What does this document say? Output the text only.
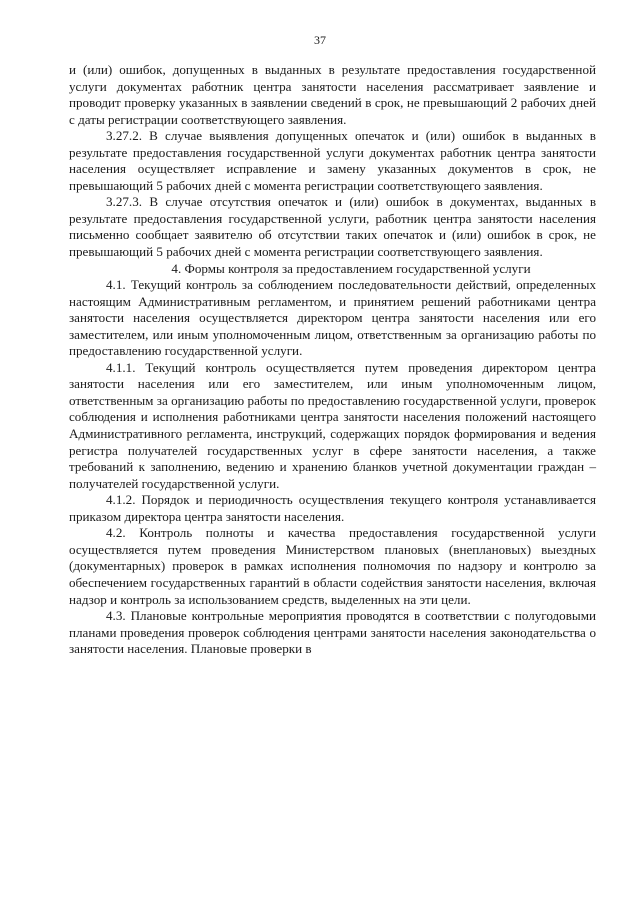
37

и (или) ошибок, допущенных в выданных в результате предоставления государственной услуги документах работник центра занятости населения рассматривает заявление и проводит проверку указанных в заявлении сведений в срок, не превышающий 2 рабочих дней с даты регистрации соответствующего заявления.

3.27.2. В случае выявления допущенных опечаток и (или) ошибок в выданных в результате предоставления государственной услуги документах работник центра занятости населения осуществляет исправление и замену указанных документов в срок, не превышающий 5 рабочих дней с момента регистрации соответствующего заявления.

3.27.3. В случае отсутствия опечаток и (или) ошибок в документах, выданных в результате предоставления государственной услуги, работник центра занятости населения письменно сообщает заявителю об отсутствии таких опечаток и (или) ошибок в срок, не превышающий 5 рабочих дней с момента регистрации соответствующего заявления.

4. Формы контроля за предоставлением государственной услуги

4.1. Текущий контроль за соблюдением последовательности действий, определенных настоящим Административным регламентом, и принятием решений работниками центра занятости населения осуществляется директором центра занятости населения или его заместителем, или иным уполномоченным лицом, ответственным за организацию работы по предоставлению государственной услуги.

4.1.1. Текущий контроль осуществляется путем проведения директором центра занятости населения или его заместителем, или иным уполномоченным лицом, ответственным за организацию работы по предоставлению государственной услуги, проверок соблюдения и исполнения работниками центра занятости населения положений настоящего Административного регламента, инструкций, содержащих порядок формирования и ведения регистра получателей государственных услуг в сфере занятости населения, а также требований к заполнению, ведению и хранению бланков учетной документации граждан – получателей государственной услуги.

4.1.2. Порядок и периодичность осуществления текущего контроля устанавливается приказом директора центра занятости населения.

4.2. Контроль полноты и качества предоставления государственной услуги осуществляется путем проведения Министерством плановых (внеплановых) выездных (документарных) проверок в рамках исполнения полномочия по надзору и контролю за обеспечением государственных гарантий в области содействия занятости населения, включая надзор и контроль за использованием средств, выделенных на эти цели.

4.3. Плановые контрольные мероприятия проводятся в соответствии с полугодовыми планами проведения проверок соблюдения центрами занятости населения законодательства о занятости населения. Плановые проверки в
